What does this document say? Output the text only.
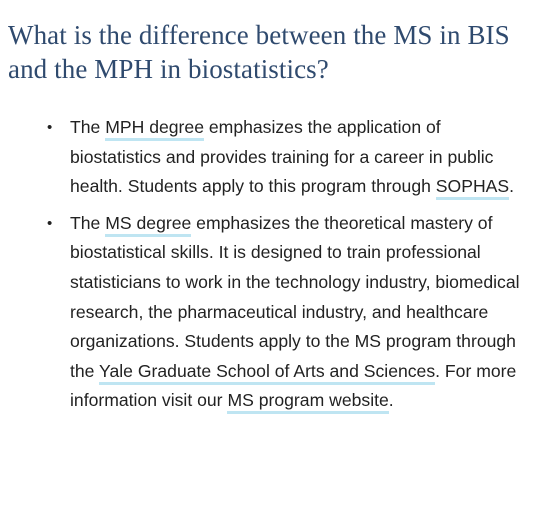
What is the difference between the MS in BIS and the MPH in biostatistics?
• The MPH degree emphasizes the application of biostatistics and provides training for a career in public health. Students apply to this program through SOPHAS.
• The MS degree emphasizes the theoretical mastery of biostatistical skills. It is designed to train professional statisticians to work in the technology industry, biomedical research, the pharmaceutical industry, and healthcare organizations. Students apply to the MS program through the Yale Graduate School of Arts and Sciences. For more information visit our MS program website.
